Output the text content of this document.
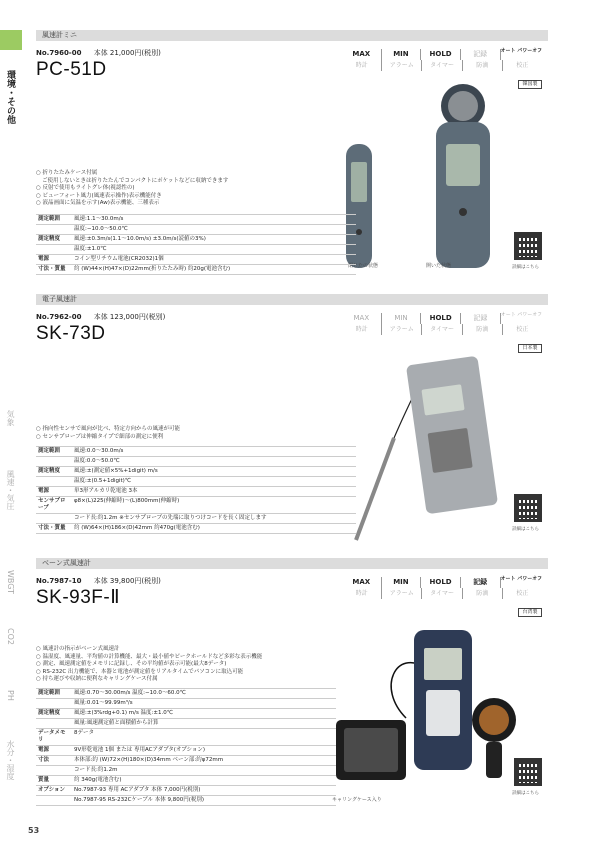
環境・その他
気象
風速・気圧
WBGT
CO2
PH
水分・湿度
風速計ミニ
No.7960-00 本体 21,000円(税別)
PC-51D
MAX	MIN	HOLD	記録	オート パワーオフ
時計	アラーム	タイマー	防滴	校正
韓国製
閉じたの状態	開いた状態
○ 折りたたみケース付属
ご使用しないときは折りたたんでコンパクトにポケットなどに収納できます
○ 反射で使用もライトグレ体(視認性の)
○ ビューフォート風力(風速表示操作)表示機能付き
○ 液晶画面に気温を示す(Aw)表示機能、三種表示
測定範囲	風速:1.1〜30.0m/s
	温度:−10.0〜50.0℃
測定精度	風速:±0.3m/s(1.1〜10.0m/s) ±3.0m/s(読値の3%)
	温度:±1.0℃
電源	コイン型リチウム電池(CR2032)1個
寸法・質量	約 (W)44×(H)47×(D)22mm(折りたたみ時) 約20g(電池含む)	詳細はこちら
電子風速計
No.7962-00 本体 123,000円(税別)
SK-73D
MAX	MIN	HOLD	記録	オート パワーオフ
時計	アラーム	タイマー	防滴	校正
日本製
○ 指向性センサで風向が比べ、特定方向からの風速が可能
○ センサプローブは伸縮タイプで細部の測定に便利
測定範囲	風速:0.0〜30.0m/s
	温度:0.0〜50.0℃
測定精度	風速:±(測定値×5%+1digit) m/s
	温度:±(0.5+1digit)℃
電源	単3形アルカリ乾電池 3本
センサプローブ	φ8×(L)225(伸縮時)〜(L)800mm(伸縮時)
	コード長:約1.2m ※センサプローブの先端に取りつけコードを長く固定します
寸法・質量	約 (W)64×(H)186×(D)42mm 約470g(電池含む)	詳細はこちら
ベーン式風速計
No.7987-10 本体 39,800円(税別)
SK-93F-Ⅱ
MAX	MIN	HOLD	記録	オート パワーオフ
時計	アラーム	タイマー	防滴	校正
台湾製
キャリングケース入り
○ 風速計の指示がベーン式風速計
○ 温湿度、風速量、平均値の計算機能、最大・最小値やピークホールドなど多彩な表示機能
○ 測定、風速測定値をメモリに記録し、その平均値が表示可能(最大8データ)
○ RS-232C 出力機能で、本器と電池が測定値をリアルタイムでパソコンに取込可能
○ 持ち運びや収納に便利なキャリングケース付属
測定範囲	風速:0.70〜30.00m/s 温度:−10.0〜60.0℃
	風量:0.01〜99.99m³/s
測定精度	風速:±(3%rdg+0.1) m/s 温度:±1.0℃
	風量:風速測定値と面積値から計算
データメモリ	8データ
電源	9V形乾電池 1個 または 専用ACアダプタ(オプション)
寸法	本体部:約 (W)72×(H)180×(D)34mm ベーン部:約φ72mm
	コード長:約1.2m
質量	約 340g(電池含む)
オプション	No.7987-93 専用 ACアダプタ 本体 7,000円(税別)
	No.7987-95 RS-232Cケーブル 本体 9,800円(税別)
詳細はこちら
53
